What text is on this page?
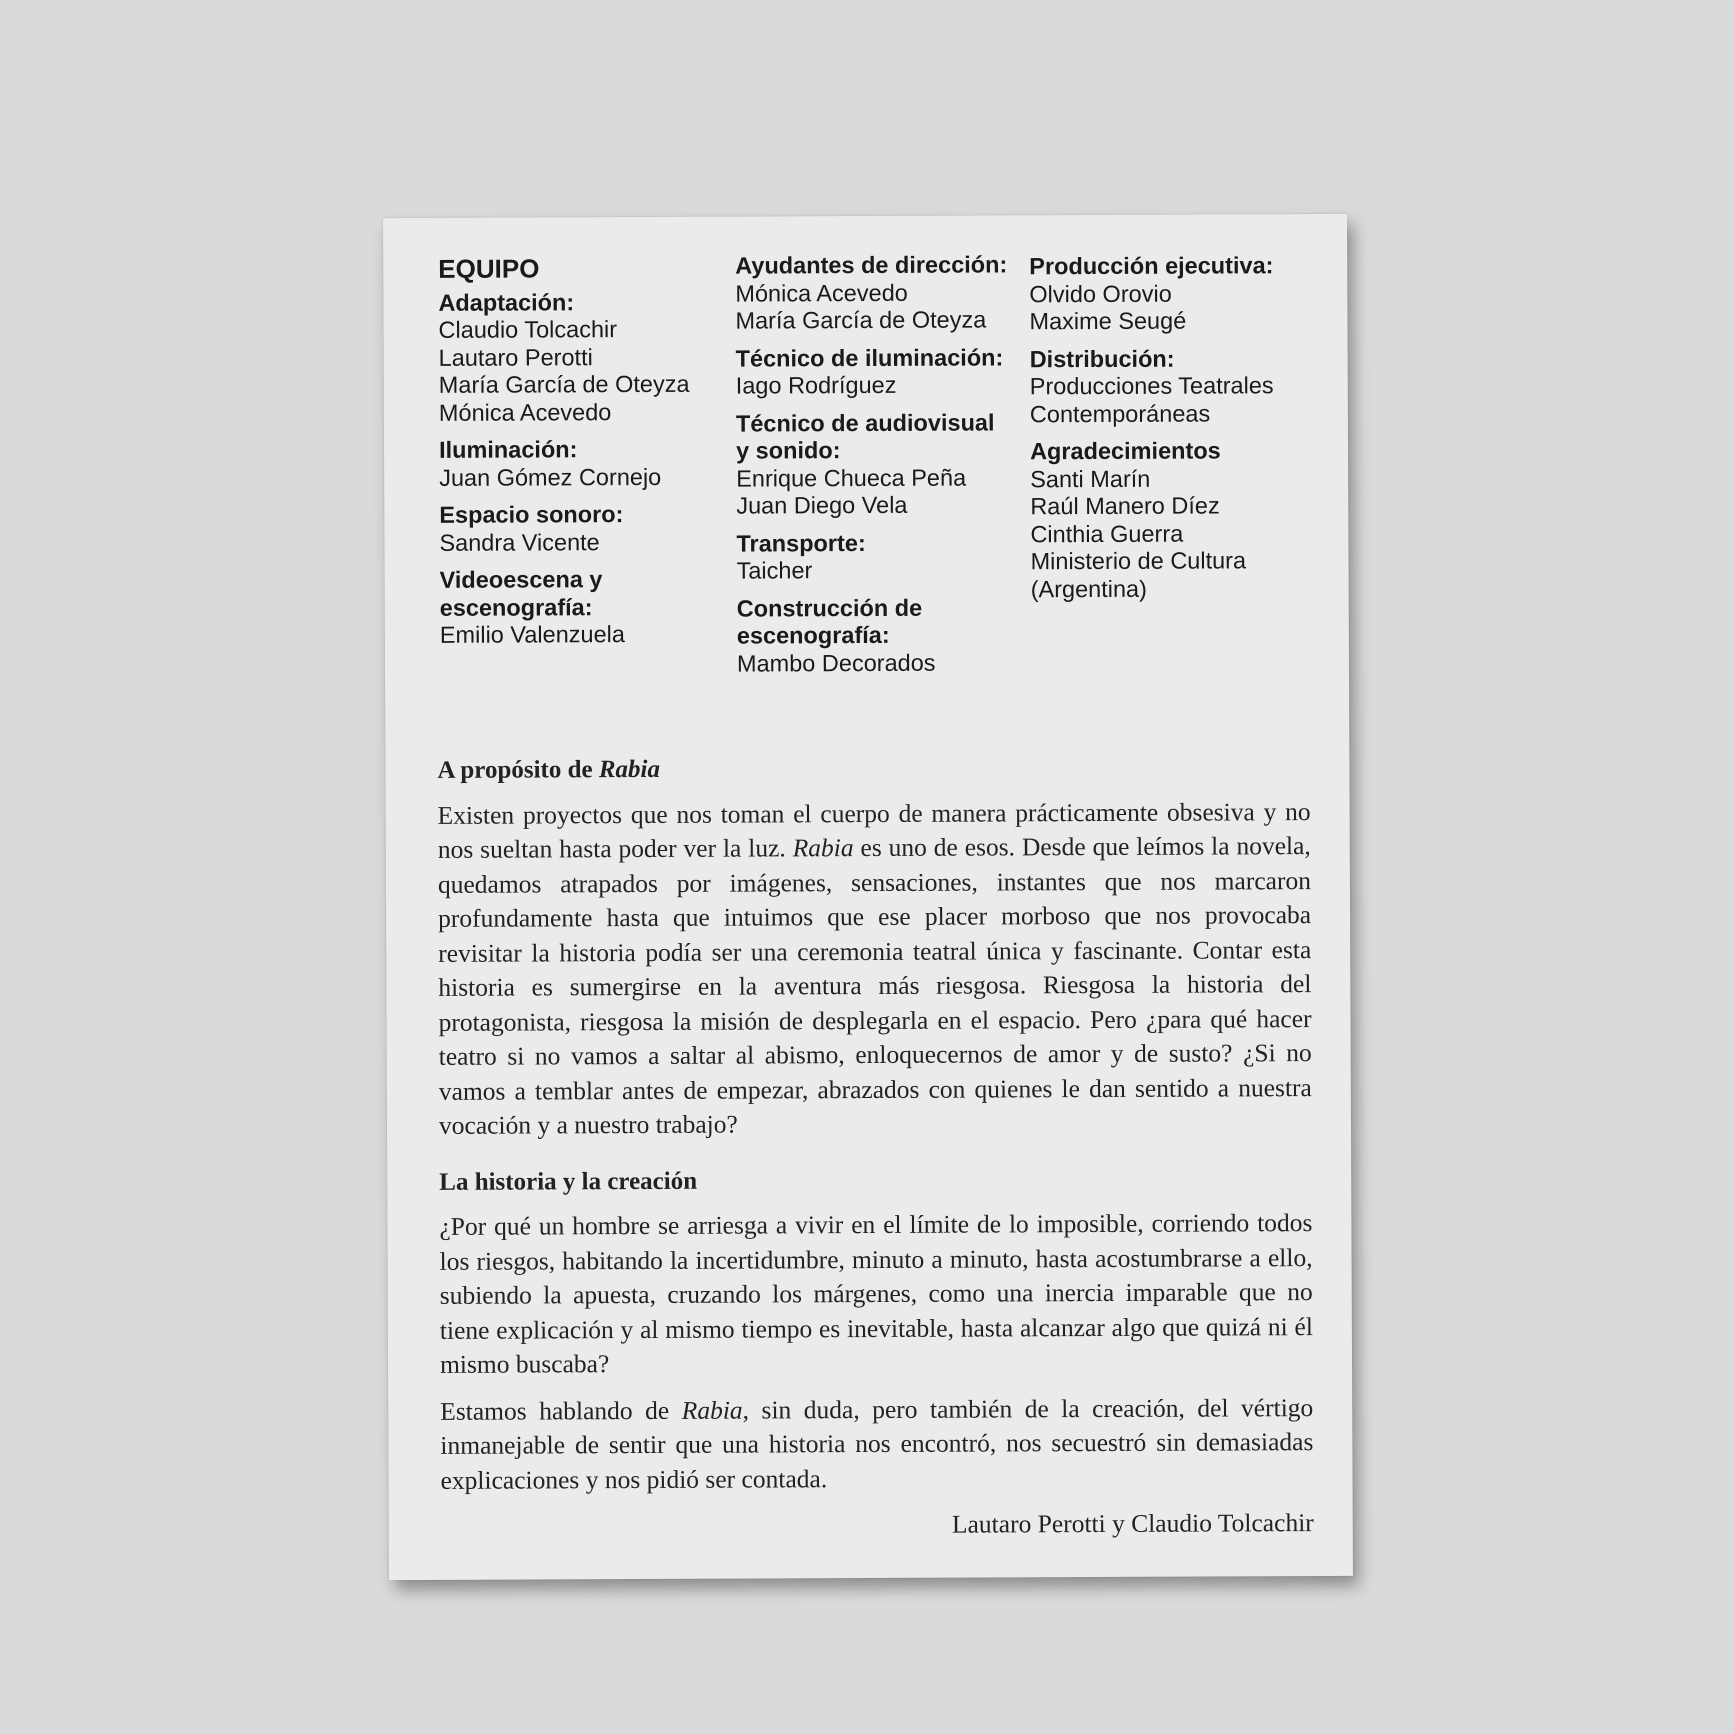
EQUIPO
Adaptación:
Claudio Tolcachir
Lautaro Perotti
María García de Oteyza
Mónica Acevedo
Iluminación:
Juan Gómez Cornejo
Espacio sonoro:
Sandra Vicente
Videoescena y escenografía:
Emilio Valenzuela
Ayudantes de dirección:
Mónica Acevedo
María García de Oteyza
Técnico de iluminación:
Iago Rodríguez
Técnico de audiovisual y sonido:
Enrique Chueca Peña
Juan Diego Vela
Transporte:
Taicher
Construcción de escenografía:
Mambo Decorados
Producción ejecutiva:
Olvido Orovio
Maxime Seugé
Distribución:
Producciones Teatrales Contemporáneas
Agradecimientos
Santi Marín
Raúl Manero Díez
Cinthia Guerra
Ministerio de Cultura (Argentina)
A propósito de Rabia

Existen proyectos que nos toman el cuerpo de manera prácticamente obsesiva y no nos sueltan hasta poder ver la luz. Rabia es uno de esos. Desde que leímos la novela, quedamos atrapados por imágenes, sensaciones, instantes que nos marcaron profundamente hasta que intuimos que ese placer morboso que nos provocaba revisitar la historia podía ser una ceremonia teatral única y fascinante. Contar esta historia es sumergirse en la aventura más riesgosa. Riesgosa la historia del protagonista, riesgosa la misión de desplegarla en el espacio. Pero ¿para qué hacer teatro si no vamos a saltar al abismo, enloquecernos de amor y de susto? ¿Si no vamos a temblar antes de empezar, abrazados con quienes le dan sentido a nuestra vocación y a nuestro trabajo?

La historia y la creación

¿Por qué un hombre se arriesga a vivir en el límite de lo imposible, corriendo todos los riesgos, habitando la incertidumbre, minuto a minuto, hasta acostumbrarse a ello, subiendo la apuesta, cruzando los márgenes, como una inercia imparable que no tiene explicación y al mismo tiempo es inevitable, hasta alcanzar algo que quizá ni él mismo buscaba?

Estamos hablando de Rabia, sin duda, pero también de la creación, del vértigo inmanejable de sentir que una historia nos encontró, nos secuestró sin demasiadas explicaciones y nos pidió ser contada.

Lautaro Perotti y Claudio Tolcachir
